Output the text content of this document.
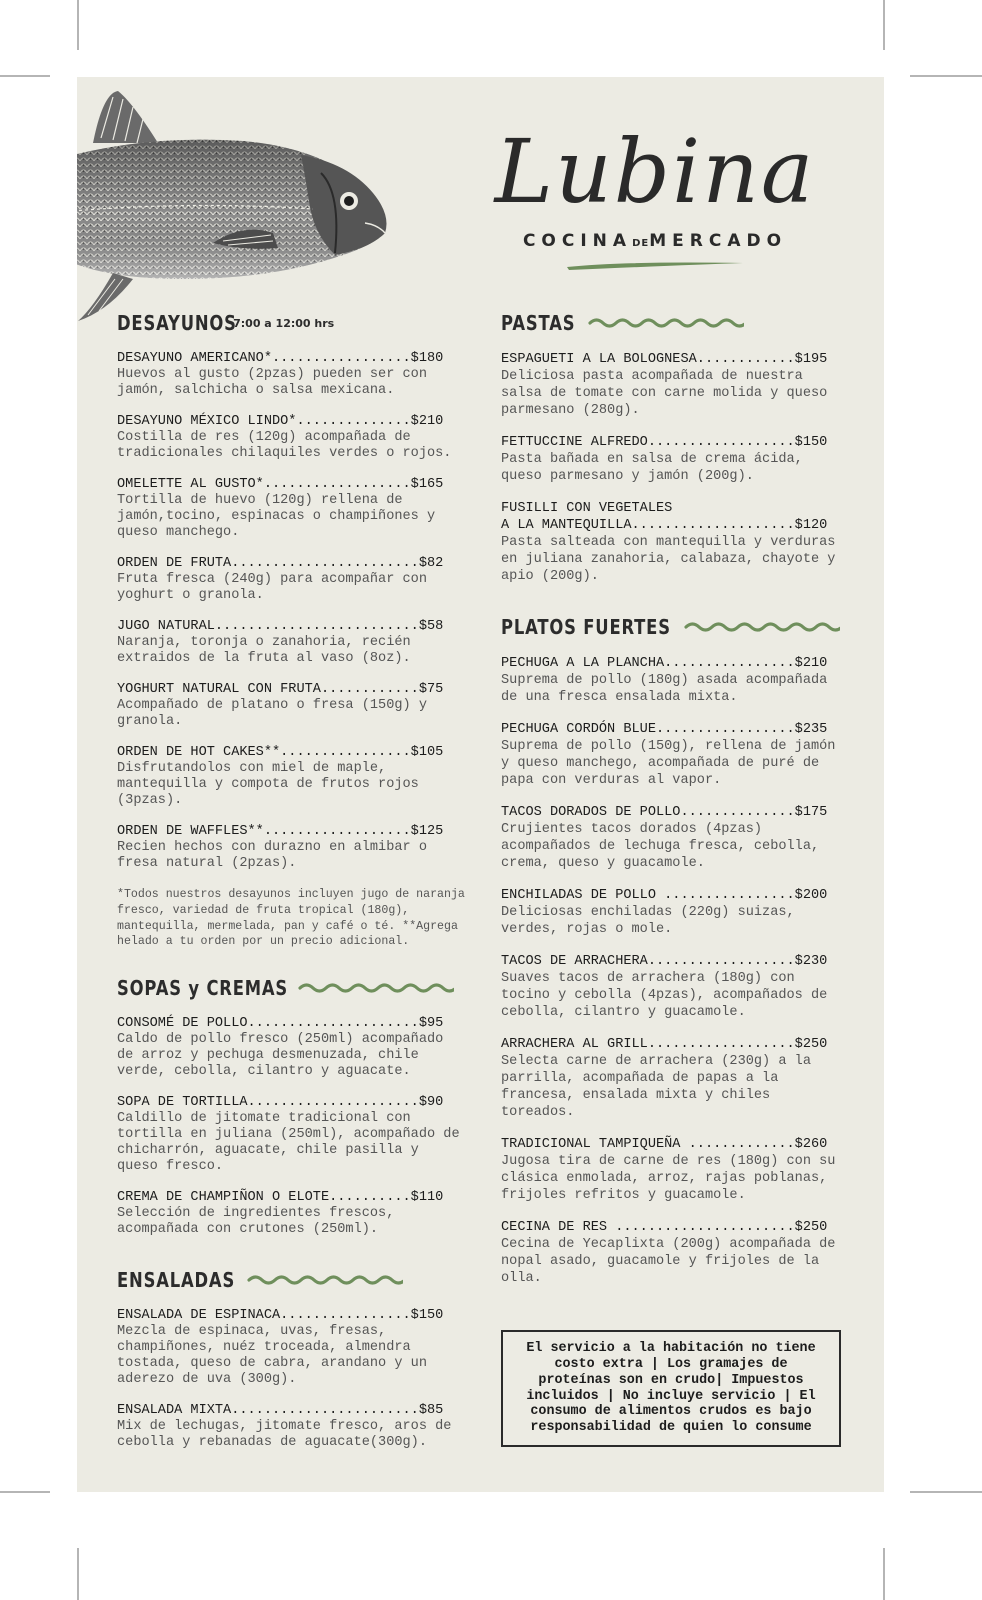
Lubina
COCINADEMERCADO
DESAYUNOS
7:00 a 12:00 hrs
DESAYUNO AMERICANO*.................$180
Huevos al gusto (2pzas) pueden ser con jamón, salchicha o salsa mexicana.
DESAYUNO MÉXICO LINDO*..............$210
Costilla de res (120g) acompañada de tradicionales chilaquiles verdes o rojos.
OMELETTE AL GUSTO*..................$165
Tortilla de huevo (120g) rellena de jamón,tocino, espinacas o champiñones y queso manchego.
ORDEN DE FRUTA.......................$82
Fruta fresca (240g) para acompañar con yoghurt o granola.
JUGO NATURAL.........................$58
Naranja, toronja o zanahoria, recién extraidos de la fruta al vaso (8oz).
YOGHURT NATURAL CON FRUTA............$75
Acompañado de platano o fresa (150g) y granola.
ORDEN DE HOT CAKES**................$105
Disfrutandolos con miel de maple, mantequilla y compota de frutos rojos (3pzas).
ORDEN DE WAFFLES**..................$125
Recien hechos con durazno en almibar o fresa natural (2pzas).
*Todos nuestros desayunos incluyen jugo de naranja fresco, variedad de fruta tropical (180g), mantequilla, mermelada, pan y café o té. **Agrega helado a tu orden por un precio adicional.
SOPAS y CREMAS
CONSOMÉ DE POLLO.....................$95
Caldo de pollo fresco (250ml) acompañado de arroz y pechuga desmenuzada, chile verde, cebolla, cilantro y aguacate.
SOPA DE TORTILLA.....................$90
Caldillo de jitomate tradicional con tortilla en juliana (250ml), acompañado de chicharrón, aguacate, chile pasilla y queso fresco.
CREMA DE CHAMPIÑON O ELOTE..........$110
Selección de ingredientes frescos, acompañada con crutones (250ml).
ENSALADAS
ENSALADA DE ESPINACA................$150
Mezcla de espinaca, uvas, fresas, champiñones, nuéz troceada, almendra tostada, queso de cabra, arandano y un aderezo de uva (300g).
ENSALADA MIXTA.......................$85
Mix de lechugas, jitomate fresco, aros de cebolla y rebanadas de aguacate(300g).
PASTAS
ESPAGUETI A LA BOLOGNESA............$195
Deliciosa pasta acompañada de nuestra salsa de tomate con carne molida y queso parmesano (280g).
FETTUCCINE ALFREDO..................$150
Pasta bañada en salsa de crema ácida, queso parmesano y jamón (200g).
FUSILLI CON VEGETALES
A LA MANTEQUILLA....................$120
Pasta salteada con mantequilla y verduras en juliana zanahoria, calabaza, chayote y apio (200g).
PLATOS FUERTES
PECHUGA A LA PLANCHA................$210
Suprema de pollo (180g) asada acompañada de una fresca ensalada mixta.
PECHUGA CORDÓN BLUE.................$235
Suprema de pollo (150g), rellena de jamón y queso manchego, acompañada de puré de papa con verduras al vapor.
TACOS DORADOS DE POLLO..............$175
Crujientes tacos dorados (4pzas) acompañados de lechuga fresca, cebolla, crema, queso y guacamole.
ENCHILADAS DE POLLO ................$200
Deliciosas enchiladas (220g) suizas, verdes, rojas o mole.
TACOS DE ARRACHERA..................$230
Suaves tacos de arrachera (180g) con tocino y cebolla (4pzas), acompañados de cebolla, cilantro y guacamole.
ARRACHERA AL GRILL..................$250
Selecta carne de arrachera (230g) a la parrilla, acompañada de papas a la francesa, ensalada mixta y chiles toreados.
TRADICIONAL TAMPIQUEÑA .............$260
Jugosa tira de carne de res (180g) con su clásica enmolada, arroz, rajas poblanas, frijoles refritos y guacamole.
CECINA DE RES ......................$250
Cecina de Yecaplixta (200g) acompañada de nopal asado, guacamole y frijoles de la olla.
El servicio a la habitación no tiene costo extra | Los gramajes de proteínas son en crudo| Impuestos incluidos | No incluye servicio | El consumo de alimentos crudos es bajo responsabilidad de quien lo consume
